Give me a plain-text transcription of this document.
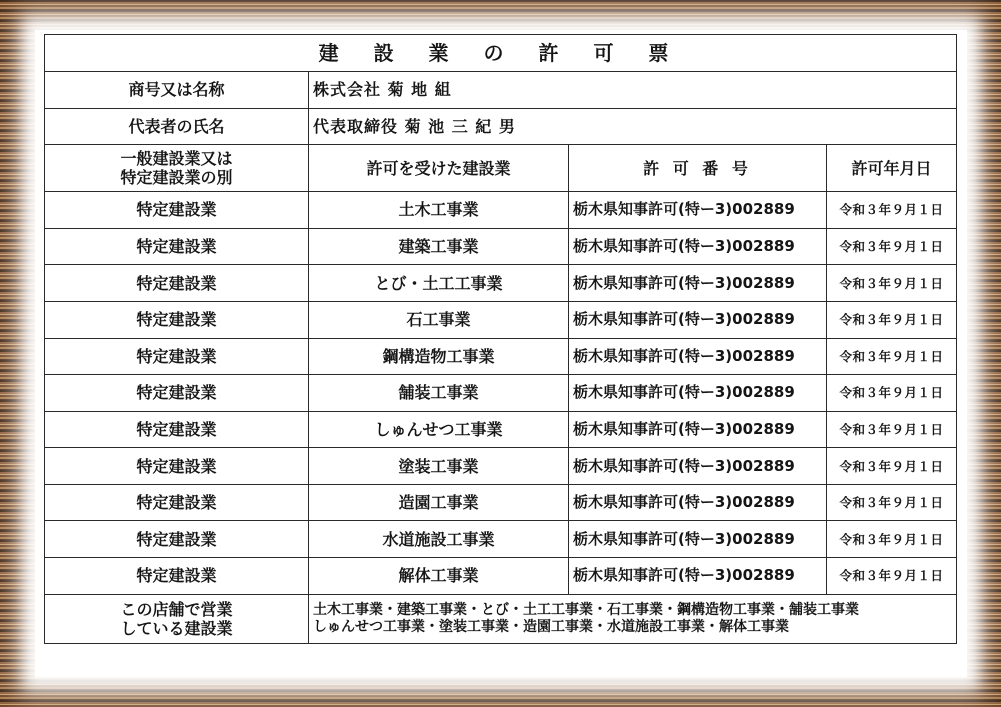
建 設 業 の 許 可 票			
商号又は名称	株式会社 菊 地 組		
代表者の氏名	代表取締役 菊 池 三 紀 男		

一般建設業又は
特定建設業の別	許可を受けた建設業	許 可 番 号	許可年月日
特定建設業	土木工事業	栃木県知事許可(特ー3)002889	令和３年９月１日
特定建設業	建築工事業	栃木県知事許可(特ー3)002889	令和３年９月１日
特定建設業	とび・土工工事業	栃木県知事許可(特ー3)002889	令和３年９月１日
特定建設業	石工事業	栃木県知事許可(特ー3)002889	令和３年９月１日
特定建設業	鋼構造物工事業	栃木県知事許可(特ー3)002889	令和３年９月１日
特定建設業	舗装工事業	栃木県知事許可(特ー3)002889	令和３年９月１日
特定建設業	しゅんせつ工事業	栃木県知事許可(特ー3)002889	令和３年９月１日
特定建設業	塗装工事業	栃木県知事許可(特ー3)002889	令和３年９月１日
特定建設業	造園工事業	栃木県知事許可(特ー3)002889	令和３年９月１日
特定建設業	水道施設工事業	栃木県知事許可(特ー3)002889	令和３年９月１日
特定建設業	解体工事業	栃木県知事許可(特ー3)002889	令和３年９月１日

この店舗で営業
している建設業	土木工事業・建築工事業・とび・土工工事業・石工事業・鋼構造物工事業・舗装工事業
しゅんせつ工事業・塗装工事業・造園工事業・水道施設工事業・解体工事業		
